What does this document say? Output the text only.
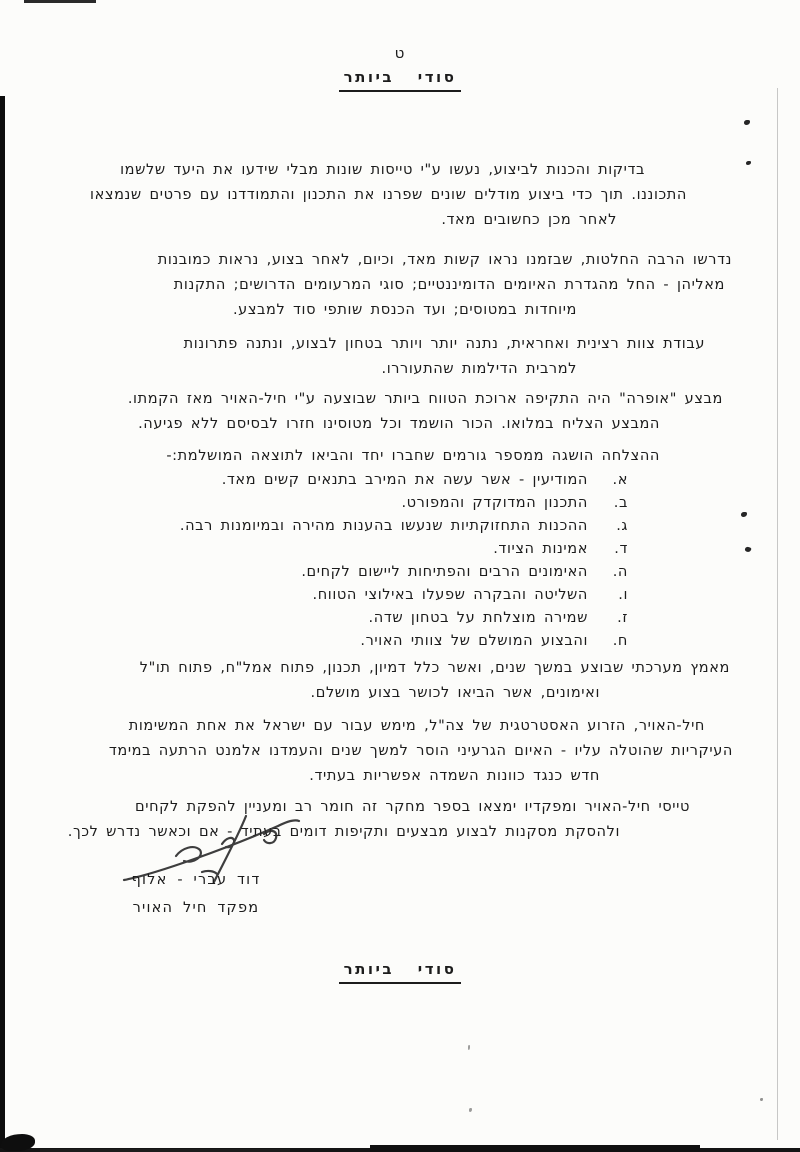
ט
סודי ביותר
בדיקות והכנות לביצוע, נעשו ע"י טייסות שונות מבלי שידעו את היעד שלשמו
התכוננו. תוך כדי ביצוע מודלים שונים שפרנו את התכנון והתמודדנו עם פרטים שנמצאו
לאחר מכן כחשובים מאד.
נדרשו הרבה החלטות, שבזמנו נראו קשות מאד, וכיום, לאחר בצוע, נראות כמובנות
מאליהן - החל מהגדרת האיומים הדומיננטיים; סוגי המרעומים הדרושים; התקנות
מיוחדות במטוסים; ועד הכנסת שותפי סוד למבצע.
עבודת צוות רצינית ואחראית, נתנה יותר ויותר בטחון לבצוע, ונתנה פתרונות
למרבית הדילמות שהתעוררו.
מבצע "אופרה" היה התקיפה ארוכת הטווח ביותר שבוצעה ע"י חיל-האויר מאז הקמתו.
המבצע הצליח במלואו. הכור הושמד וכל מטוסינו חזרו לבסיסם ללא פגיעה.
ההצלחה הושגה ממספר גורמים שחברו יחד והביאו לתוצאה המושלמת:-
א.המודיעין - אשר עשה את המירב בתנאים קשים מאד.
ב.התכנון המדוקדק והמפורט.
ג.ההכנות התחזוקתיות שנעשו בהענות מהירה ובמיומנות רבה.
ד.אמינות הציוד.
ה.האימונים הרבים והפתיחות ליישום לקחים.
ו.השליטה והבקרה שפעלו באילוצי הטווח.
ז.שמירה מוצלחת על בטחון שדה.
ח.והבצוע המושלם של צוותי האויר.
מאמץ מערכתי שבוצע במשך שנים, ואשר כלל דמיון, תכנון, פתוח אמל"ח, פתוח תו"ל
ואימונים, אשר הביאו לכושר בצוע מושלם.
חיל-האויר, הזרוע האסטרטגית של צה"ל, מימש עבור עם ישראל את אחת המשימות
העיקריות שהוטלה עליו - האיום הגרעיני הוסר למשך שנים והעמדנו אלמנט הרתעה במימד
חדש כנגד כוונות השמדה אפשריות בעתיד.
טייסי חיל-האויר ומפקדיו ימצאו בספר מחקר זה חומר רב ומעניין להפקת לקחים
ולהסקת מסקנות לבצוע מבצעים ותקיפות דומים בעתיד - אם וכאשר נדרש לכך.
דוד עברי - אלוף
מפקד חיל האויר
סודי ביותר
